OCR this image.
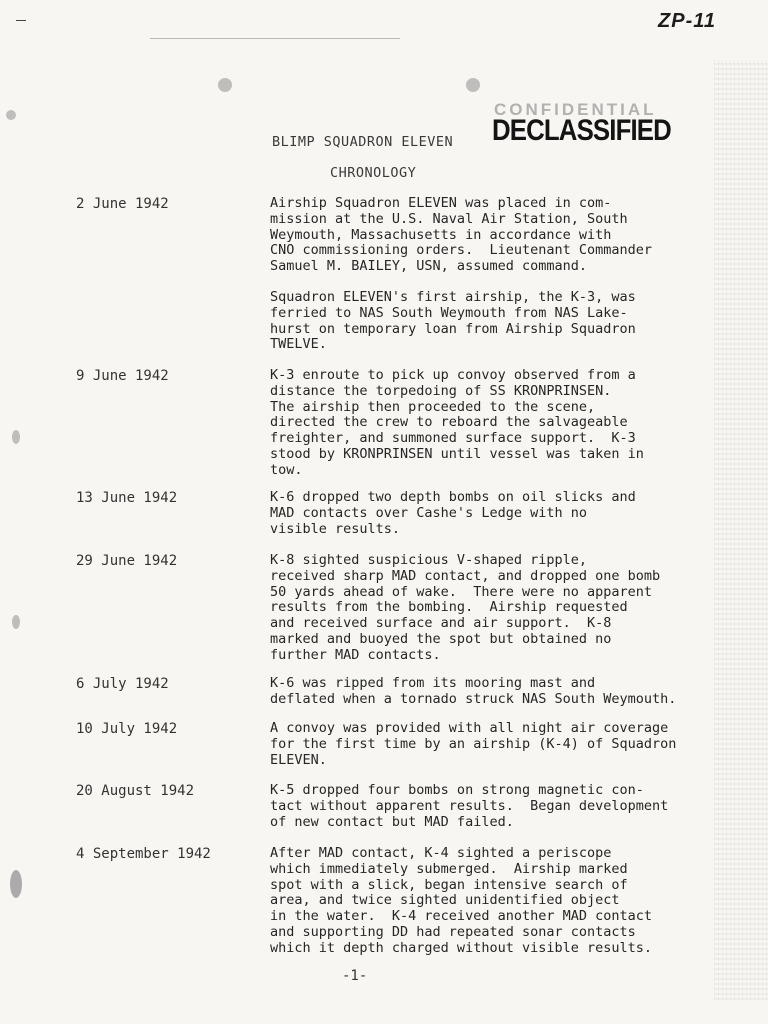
ZP-11
CONFIDENTIAL
DECLASSIFIED
BLIMP SQUADRON ELEVEN
CHRONOLOGY
2 June 1942	Airship Squadron ELEVEN was placed in com-
mission at the U.S. Naval Air Station, South
Weymouth, Massachusetts in accordance with
CNO commissioning orders.  Lieutenant Commander
Samuel M. BAILEY, USN, assumed command.
Squadron ELEVEN's first airship, the K-3, was
ferried to NAS South Weymouth from NAS Lake-
hurst on temporary loan from Airship Squadron
TWELVE.
9 June 1942	K-3 enroute to pick up convoy observed from a
distance the torpedoing of SS KRONPRINSEN.
The airship then proceeded to the scene,
directed the crew to reboard the salvageable
freighter, and summoned surface support.  K-3
stood by KRONPRINSEN until vessel was taken in
tow.
13 June 1942	K-6 dropped two depth bombs on oil slicks and
MAD contacts over Cashe's Ledge with no
visible results.
29 June 1942	K-8 sighted suspicious V-shaped ripple,
received sharp MAD contact, and dropped one bomb
50 yards ahead of wake.  There were no apparent
results from the bombing.  Airship requested
and received surface and air support.  K-8
marked and buoyed the spot but obtained no
further MAD contacts.
6 July 1942	K-6 was ripped from its mooring mast and
deflated when a tornado struck NAS South Weymouth.
10 July 1942	A convoy was provided with all night air coverage
for the first time by an airship (K-4) of Squadron
ELEVEN.
20 August 1942	K-5 dropped four bombs on strong magnetic con-
tact without apparent results.  Began development
of new contact but MAD failed.
4 September 1942	After MAD contact, K-4 sighted a periscope
which immediately submerged.  Airship marked
spot with a slick, began intensive search of
area, and twice sighted unidentified object
in the water.  K-4 received another MAD contact
and supporting DD had repeated sonar contacts
which it depth charged without visible results.
-1-
